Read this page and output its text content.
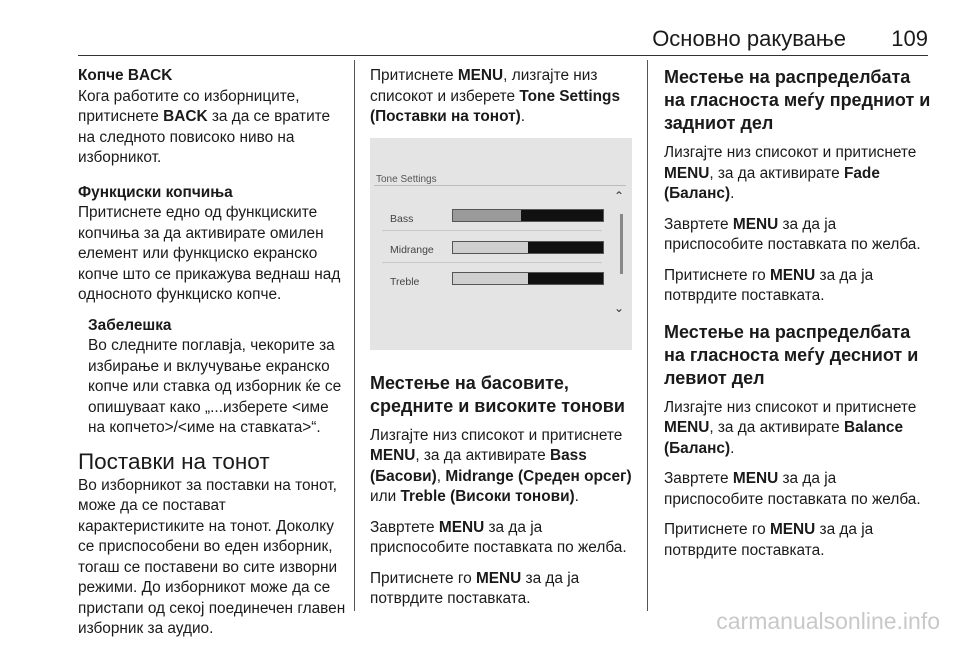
Основно ракување 109

Копче BACK

Кога работите со изборниците, притиснете BACK за да се вратите на следното повисоко ниво на изборникот.

Функциски копчиња

Притиснете едно од функциските копчиња за да активирате омилен елемент или функциско екранско копче што се прикажува веднаш над односното функциско копче.

Забелешка

Во следните поглавја, чекорите за избирање и вклучување екранско копче или ставка од изборник ќе се опишуваат како „...изберете <име на копчето>/<име на ставката>“.

Поставки на тонот

Во изборникот за поставки на тонот, може да се постават карактеристиките на тонот. Доколку се приспособени во еден изборник, тогаш се поставени во сите изворни режими. До изборникот може да се пристапи од секој поединечен главен изборник за аудио.

Притиснете MENU, лизгајте низ списокот и изберете Tone Settings (Поставки на тонот).

Tone Settings
⌃
Bass
Midrange
Treble
⌄
Местење на басовите, средните и високите тонови

Лизгајте низ списокот и притиснете MENU, за да активирате Bass (Басови), Midrange (Среден орсег) или Treble (Високи тонови).

Завртете MENU за да ја приспособите поставката по желба.

Притиснете го MENU за да ја потврдите поставката.

Местење на распределбата на гласноста меѓу предниот и задниот дел

Лизгајте низ списокот и притиснете MENU, за да активирате Fade (Баланс).

Завртете MENU за да ја приспособите поставката по желба.

Притиснете го MENU за да ја потврдите поставката.

Местење на распределбата на гласноста меѓу десниот и левиот дел

Лизгајте низ списокот и притиснете MENU, за да активирате Balance (Баланс).

Завртете MENU за да ја приспособите поставката по желба.

Притиснете го MENU за да ја потврдите поставката.

carmanualsonline.info
